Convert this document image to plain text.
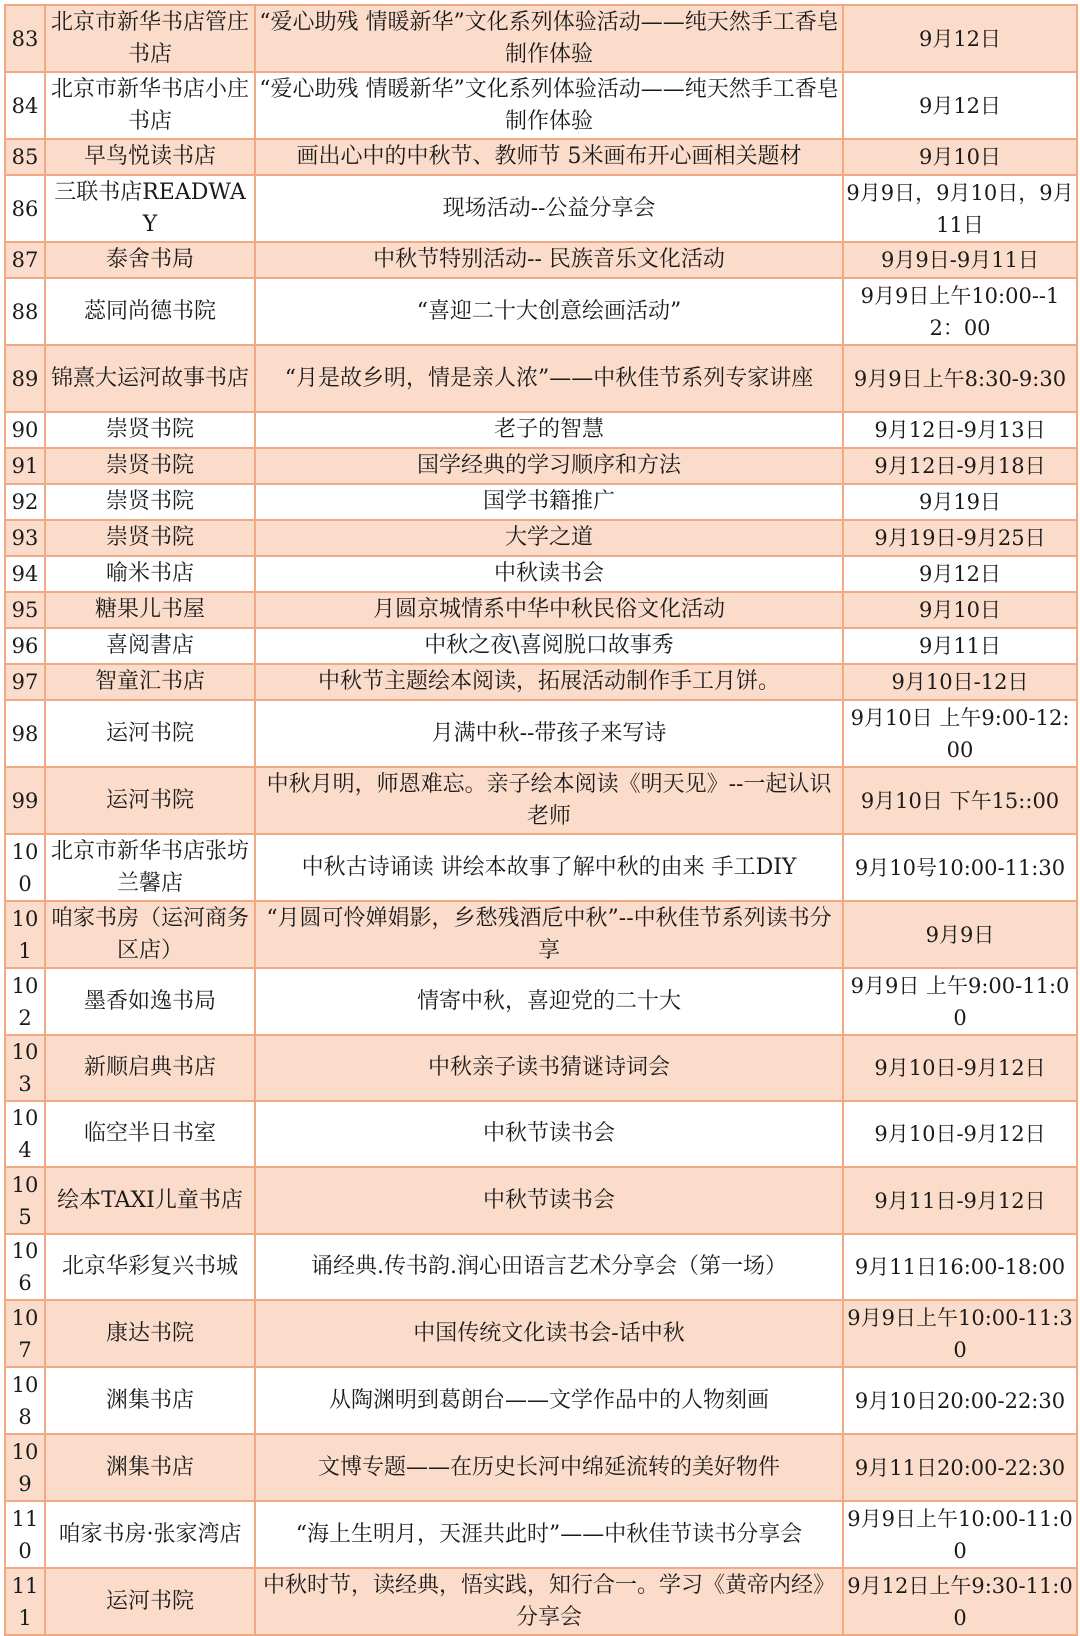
83	北京市新华书店管庄书店	“爱心助残 情暖新华”文化系列体验活动——纯天然手工香皂制作体验	9月12日
84	北京市新华书店小庄书店	“爱心助残 情暖新华”文化系列体验活动——纯天然手工香皂制作体验	9月12日
85	早鸟悦读书店	画出心中的中秋节、教师节 5米画布开心画相关题材	9月10日
86	三联书店READWAY	现场活动--公益分享会	9月9日，9月10日，9月11日
87	泰舍书局	中秋节特别活动-- 民族音乐文化活动	9月9日-9月11日
88	蕊同尚德书院	“喜迎二十大创意绘画活动”	9月9日上午10:00--12：00
89	锦熹大运河故事书店	“月是故乡明，情是亲人浓”——中秋佳节系列专家讲座	9月9日上午8:30-9:30
90	崇贤书院	老子的智慧	9月12日-9月13日
91	崇贤书院	国学经典的学习顺序和方法	9月12日-9月18日
92	崇贤书院	国学书籍推广	9月19日
93	崇贤书院	大学之道	9月19日-9月25日
94	喻米书店	中秋读书会	9月12日
95	糖果儿书屋	月圆京城情系中华中秋民俗文化活动	9月10日
96	喜阅書店	中秋之夜\喜阅脱口故事秀	9月11日
97	智童汇书店	中秋节主题绘本阅读，拓展活动制作手工月饼。	9月10日-12日
98	运河书院	月满中秋--带孩子来写诗	9月10日 上午9:00-12:00
99	运河书院	中秋月明，师恩难忘。亲子绘本阅读《明天见》--一起认识老师	9月10日 下午15::00
100	北京市新华书店张坊兰馨店	中秋古诗诵读 讲绘本故事了解中秋的由来 手工DIY	9月10号10:00-11:30
101	咱家书房（运河商务区店）	“月圆可怜婵娟影，乡愁残酒卮中秋”--中秋佳节系列读书分享	9月9日
102	墨香如逸书局	情寄中秋，喜迎党的二十大	9月9日 上午9:00-11:00
103	新顺启典书店	中秋亲子读书猜谜诗词会	9月10日-9月12日
104	临空半日书室	中秋节读书会	9月10日-9月12日
105	绘本TAXI儿童书店	中秋节读书会	9月11日-9月12日
106	北京华彩复兴书城	诵经典.传书韵.润心田语言艺术分享会（第一场）	9月11日16:00-18:00
107	康达书院	中国传统文化读书会-话中秋	9月9日上午10:00-11:30
108	渊集书店	从陶渊明到葛朗台——文学作品中的人物刻画	9月10日20:00-22:30
109	渊集书店	文博专题——在历史长河中绵延流转的美好物件	9月11日20:00-22:30
110	咱家书房·张家湾店	“海上生明月，天涯共此时”——中秋佳节读书分享会	9月9日上午10:00-11:00
111	运河书院	中秋时节，读经典，悟实践，知行合一。学习《黄帝内经》分享会	9月12日上午9:30-11:00
